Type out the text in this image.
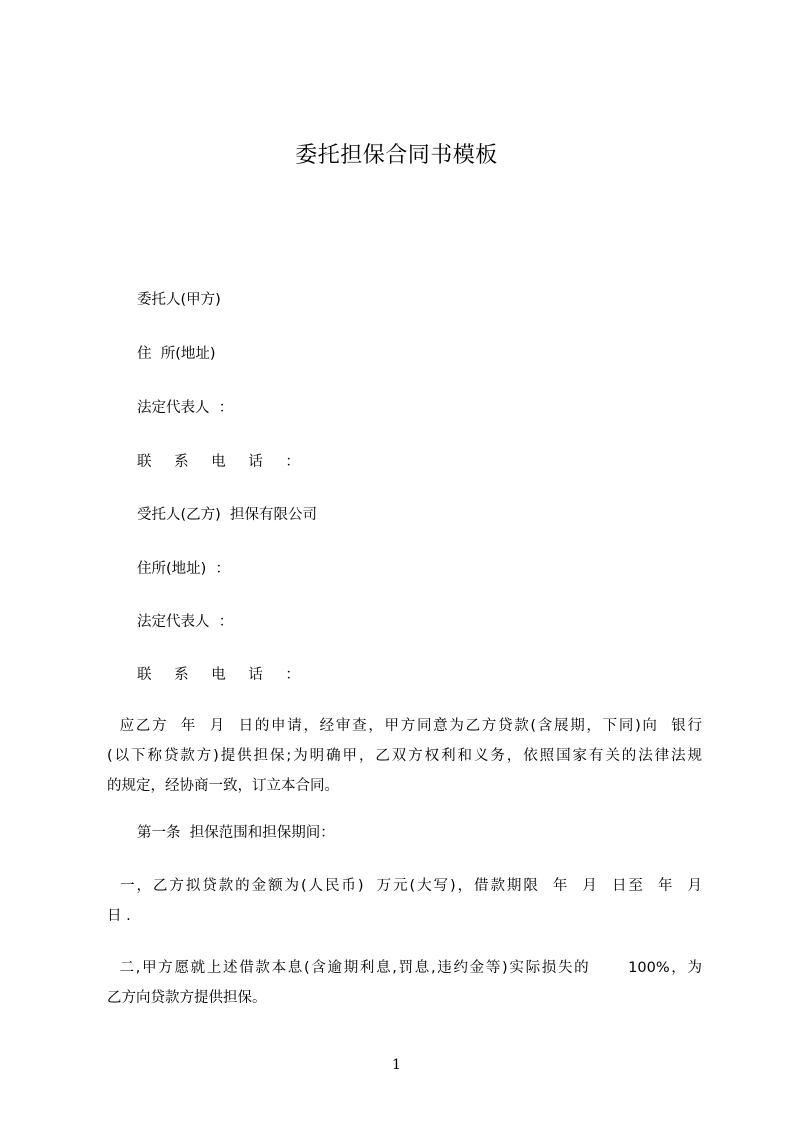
委托担保合同书模板
委托人(甲方)
住  所(地址)
法定代表人  ：
联 系 电 话 ：
受托人(乙方)  担保有限公司
住所(地址)  ：
法定代表人  ：
联 系 电 话 ：
应乙方  年  月  日的申请，经审查，甲方同意为乙方贷款(含展期，下同)向  银行
(以下称贷款方)提供担保;为明确甲，乙双方权利和义务，依照国家有关的法律法规
的规定，经协商一致，订立本合同。
第一条  担保范围和担保期间：
一，乙方拟贷款的金额为(人民币)  万元(大写)，借款期限  年  月  日至  年  月
日 .
二,甲方愿就上述借款本息(含逾期利息,罚息,违约金等)实际损失的      100%，为
乙方向贷款方提供担保。
1
